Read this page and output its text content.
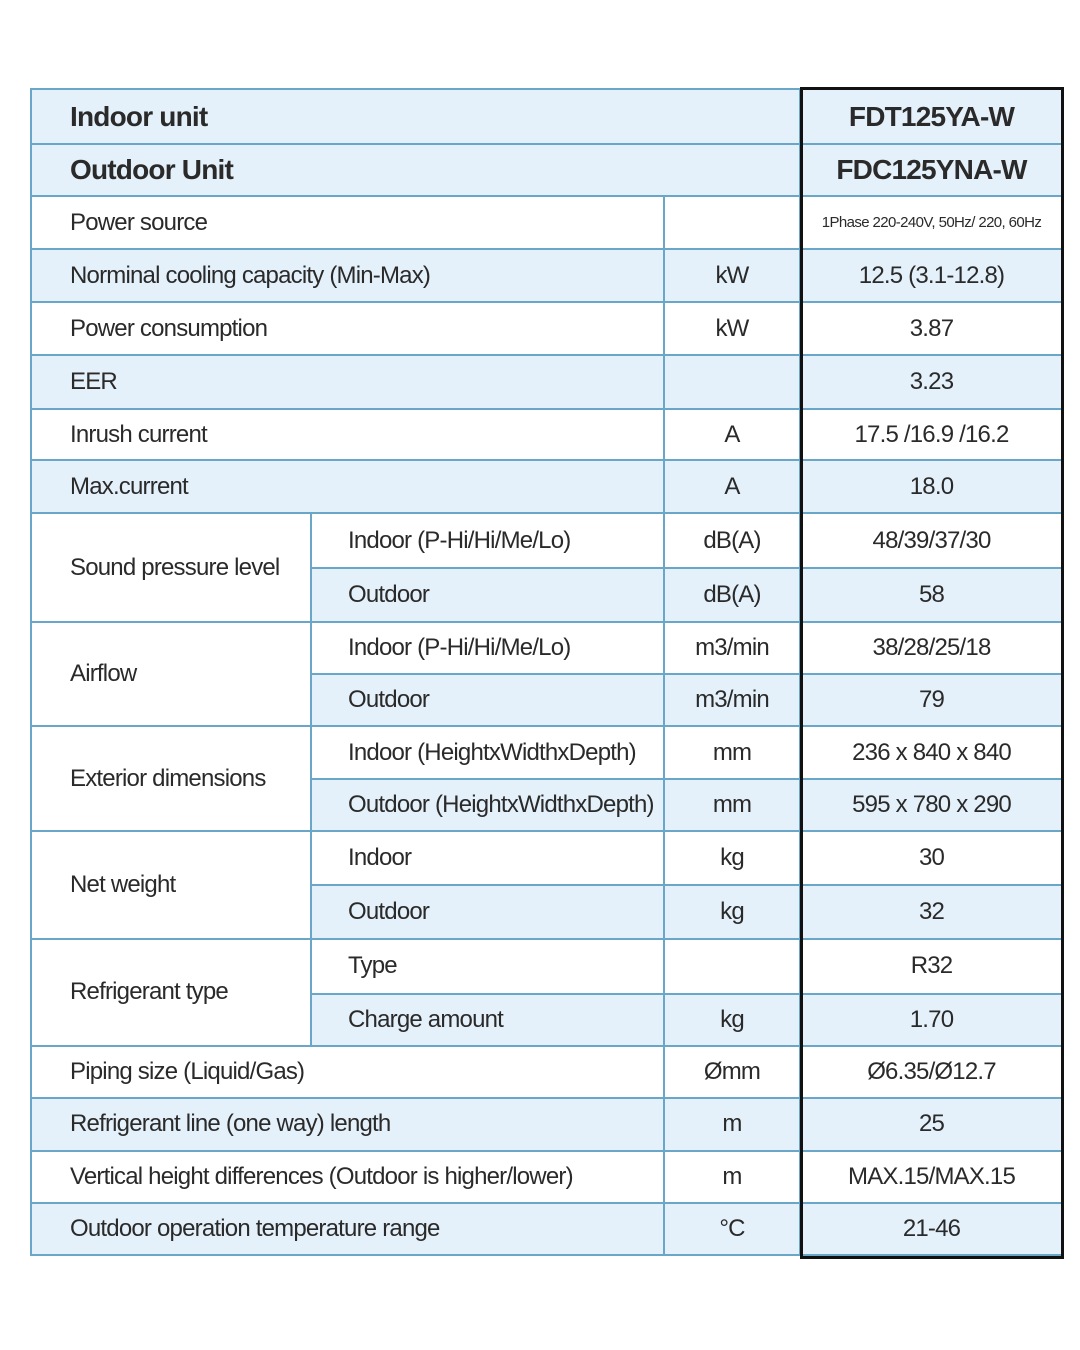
Indoor unit			FDT125YA-W
Outdoor Unit			FDC125YNA-W
Power source			1Phase 220-240V, 50Hz/ 220, 60Hz
Norminal cooling capacity (Min-Max)		kW	12.5 (3.1-12.8)
Power consumption		kW	3.87
EER			3.23
Inrush current		A	17.5 /16.9 /16.2
Max.current		A	18.0
Sound pressure level	Indoor (P-Hi/Hi/Me/Lo)	dB(A)	48/39/37/30
	Outdoor	dB(A)	58
Airflow	Indoor (P-Hi/Hi/Me/Lo)	m3/min	38/28/25/18
	Outdoor	m3/min	79
Exterior dimensions	Indoor (HeightxWidthxDepth)	mm	236 x 840 x 840
	Outdoor (HeightxWidthxDepth)	mm	595 x 780 x 290
Net weight	Indoor	kg	30
	Outdoor	kg	32
Refrigerant type	Type		R32
	Charge amount	kg	1.70
Piping size (Liquid/Gas)		Ømm	Ø6.35/Ø12.7
Refrigerant line (one way) length		m	25
Vertical height differences (Outdoor is higher/lower)		m	MAX.15/MAX.15
Outdoor operation temperature range		°C	21-46
